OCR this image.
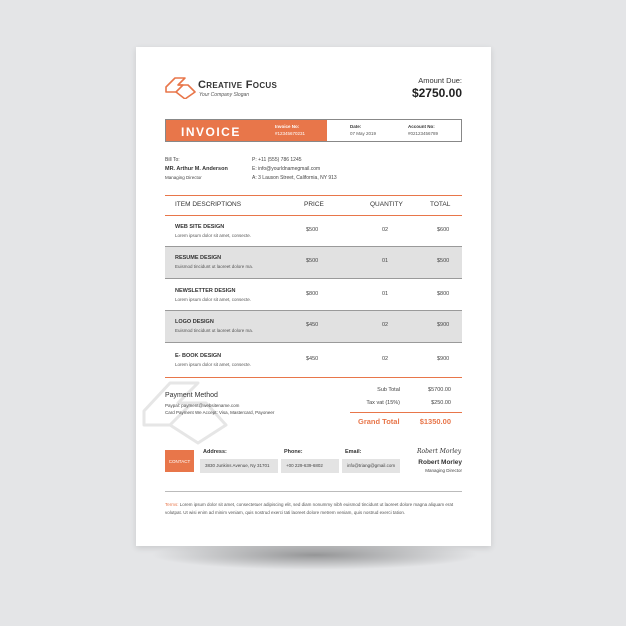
Creative Focus
Your Company Slogan
Amount Due:
$2750.00
INVOICE	Invoice No:
#12345670231
Date:
07 May 2019
Account No:
#02123456789
Bill To:
MR. Arthur M. Anderson
Managing Director
P: +11 (555) 786 1245
E: info@yourldnamegmail.com
A: 3 Lauson Street, California, NY 913
ITEM DESCRIPTIONS	PRICE	QUANTITY	TOTAL
WEB SITE DESIGN
Lorem ipsum dolor sit amet, consecte.
$500	02	$600
RESUME DESIGN
Euismod tincidunt ut laoreet dolore ma.
$500	01	$500
NEWSLETTER DESIGN
Lorem ipsum dolor sit amet, consecte.
$800	01	$800
LOGO DESIGN
Euismod tincidunt ut laoreet dolore ma.
$450	02	$900
E- BOOK DESIGN
Lorem ipsum dolor sit amet, consecte.
$450	02	$900
Payment Method
Paypal: payment@websitename.com
Card Payment We Accept: Visa, Mastercard, Payoneer
Sub Total	$5700.00
Tax vat (15%)	$250.00
Grand Total	$1350.00
CONTACT
Address:
3830 Junkins Avenue, Ny 31701
Phone:
+00 229-639-6802
Email:
info@triang@gmail.com
Robert Morley
Robert Morley
Managing Director
Terms: Lorem ipsum dolor sit amet, consectetuer adipiscing elit, sed diam nonummy nibh euismod tincidunt ut laoreet dolore magna aliquam erat volutpat. Ut wisi enim ad minim veniam, quis nostrud exerci tati laoreet dolore metrem veniam, quis nostrud exerci tation.
